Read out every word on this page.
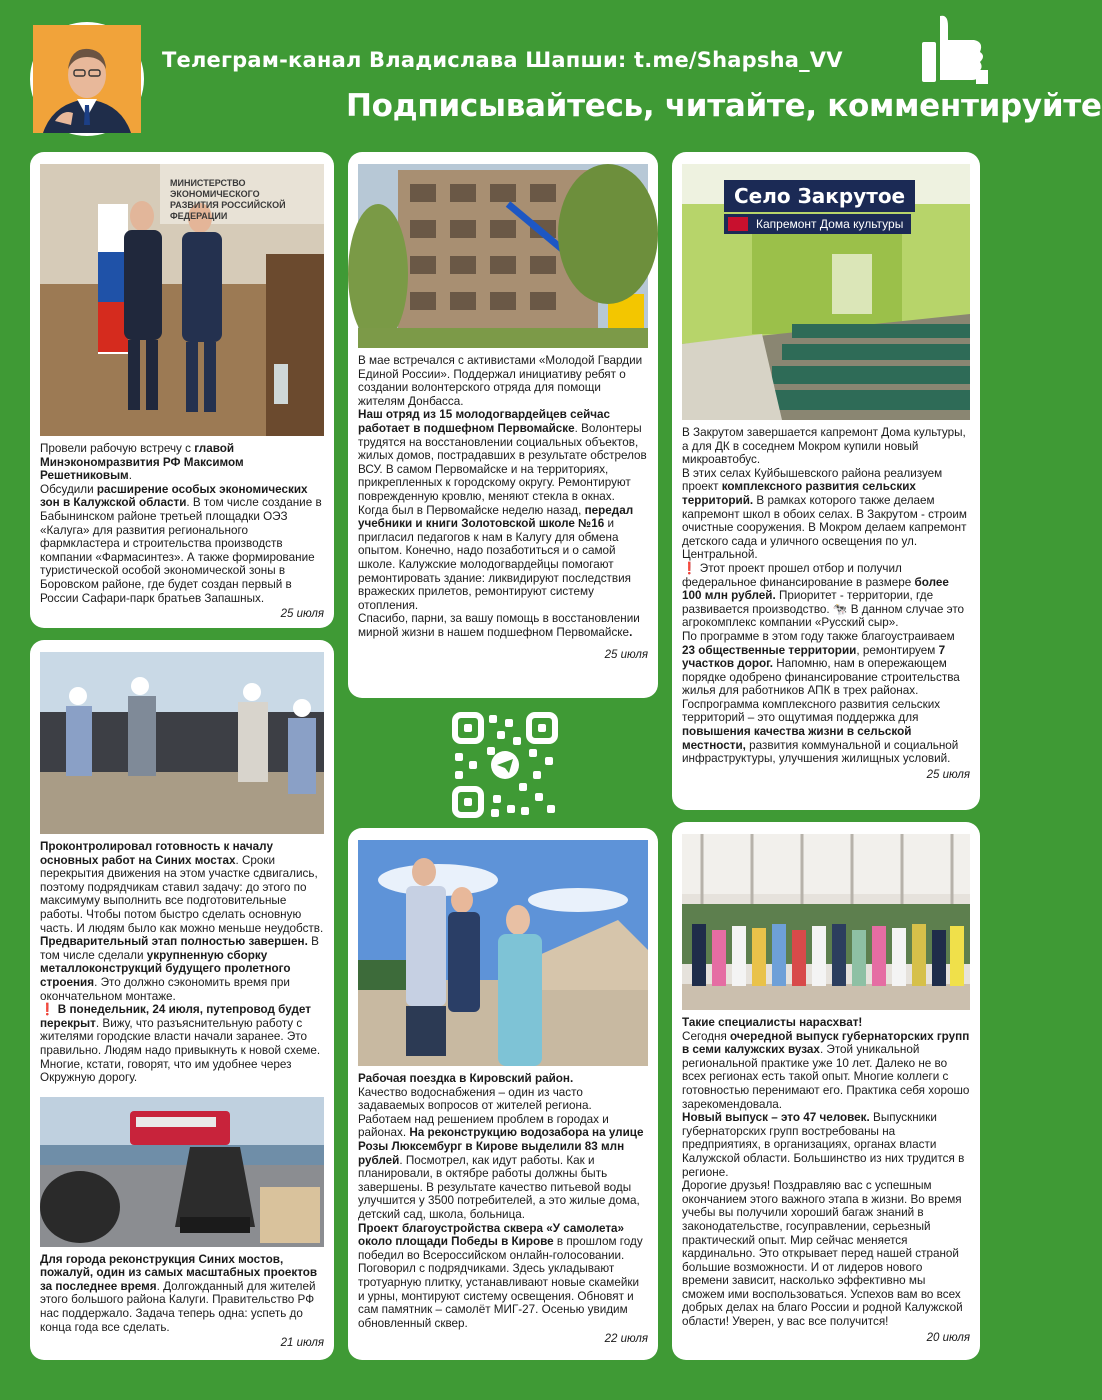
Телеграм-канал Владислава Шапши: t.me/Shapsha_VV
Подписывайтесь, читайте, комментируйте
МИНИСТЕРСТВО ЭКОНОМИЧЕСКОГО РАЗВИТИЯ РОССИЙСКОЙ ФЕДЕРАЦИИ

Провели рабочую встречу с главой Минэкономразвития РФ Максимом Решетниковым.

Обсудили расширение особых экономических зон в Калужской области. В том числе создание в Бабынинском районе третьей площадки ОЭЗ «Калуга» для развития регионального фармкластера и строительства производств компании «Фармасинтез». А также формирование туристической особой экономической зоны в Боровском районе, где будет создан первый в России Сафари-парк братьев Запашных.

25 июля

В мае встречался с активистами «Молодой Гвардии Единой России». Поддержал инициативу ребят о создании волонтерского отряда для помощи жителям Донбасса.

Наш отряд из 15 молодогвардейцев сейчас работает в подшефном Первомайске. Волонтеры трудятся на восстановлении социальных объектов, жилых домов, пострадавших в результате обстрелов ВСУ. В самом Первомайске и на территориях, прикрепленных к городскому округу. Ремонтируют поврежденную кровлю, меняют стекла в окнах.

Когда был в Первомайске неделю назад, передал учебники и книги Золотовской школе №16 и пригласил педагогов к нам в Калугу для обмена опытом. Конечно, надо позаботиться и о самой школе. Калужские молодогвардейцы помогают ремонтировать здание: ликвидируют последствия вражеских прилетов, ремонтируют систему отопления.

Спасибо, парни, за вашу помощь в восстановлении мирной жизни в нашем подшефном Первомайске.

25 июля
Село Закрутое
Капремонт Дома культуры

В Закрутом завершается капремонт Дома культуры, а для ДК в соседнем Мокром купили новый микроавтобус.

В этих селах Куйбышевского района реализуем проект комплексного развития сельских территорий. В рамках которого также делаем капремонт школ в обоих селах. В Закрутом - строим очистные сооружения. В Мокром делаем капремонт детского сада и уличного освещения по ул. Центральной.

❗ Этот проект прошел отбор и получил федеральное финансирование в размере более 100 млн рублей. Приоритет - территории, где развивается производство. 🐄 В данном случае это агрокомплекс компании «Русский сыр».

По программе в этом году также благоустраиваем 23 общественные территории, ремонтируем 7 участков дорог. Напомню, нам в опережающем порядке одобрено финансирование строительства жилья для работников АПК в трех районах.

Госпрограмма комплексного развития сельских территорий – это ощутимая поддержка для повышения качества жизни в сельской местности, развития коммунальной и социальной инфраструктуры, улучшения жилищных условий.

25 июля

Проконтролировал готовность к началу основных работ на Синих мостах. Сроки перекрытия движения на этом участке сдвигались, поэтому подрядчикам ставил задачу: до этого по максимуму выполнить все подготовительные работы. Чтобы потом быстро сделать основную часть. И людям было как можно меньше неудобств.

Предварительный этап полностью завершен. В том числе сделали укрупненную сборку металлоконструкций будущего пролетного строения. Это должно сэкономить время при окончательном монтаже.

❗ В понедельник, 24 июля, путепровод будет перекрыт. Вижу, что разъяснительную работу с жителями городские власти начали заранее. Это правильно. Людям надо привыкнуть к новой схеме. Многие, кстати, говорят, что им удобнее через Окружную дорогу.

Для города реконструкция Синих мостов, пожалуй, один из самых масштабных проектов за последнее время. Долгожданный для жителей этого большого района Калуги. Правительство РФ нас поддержало. Задача теперь одна: успеть до конца года все сделать.

21 июля

Рабочая поездка в Кировский район.

Качество водоснабжения – один из часто задаваемых вопросов от жителей региона. Работаем над решением проблем в городах и районах. На реконструкцию водозабора на улице Розы Люксембург в Кирове выделили 83 млн рублей. Посмотрел, как идут работы. Как и планировали, в октябре работы должны быть завершены. В результате качество питьевой воды улучшится у 3500 потребителей, а это жилые дома, детский сад, школа, больница.

Проект благоустройства сквера «У самолета» около площади Победы в Кирове в прошлом году победил во Всероссийском онлайн-голосовании. Поговорил с подрядчиками. Здесь укладывают тротуарную плитку, устанавливают новые скамейки и урны, монтируют систему освещения. Обновят и сам памятник – самолёт МИГ-27. Осенью увидим обновленный сквер.

22 июля

Такие специалисты нарасхват!

Сегодня очередной выпуск губернаторских групп в семи калужских вузах. Этой уникальной региональной практике уже 10 лет. Далеко не во всех регионах есть такой опыт. Многие коллеги с готовностью перенимают его. Практика себя хорошо зарекомендовала.

Новый выпуск – это 47 человек. Выпускники губернаторских групп востребованы на предприятиях, в организациях, органах власти Калужской области. Большинство из них трудится в регионе.

Дорогие друзья! Поздравляю вас с успешным окончанием этого важного этапа в жизни. Во время учебы вы получили хороший багаж знаний в законодательстве, госуправлении, серьезный практический опыт. Мир сейчас меняется кардинально. Это открывает перед нашей страной большие возможности. И от лидеров нового времени зависит, насколько эффективно мы сможем ими воспользоваться. Успехов вам во всех добрых делах на благо России и родной Калужской области! Уверен, у вас все получится!

20 июля
